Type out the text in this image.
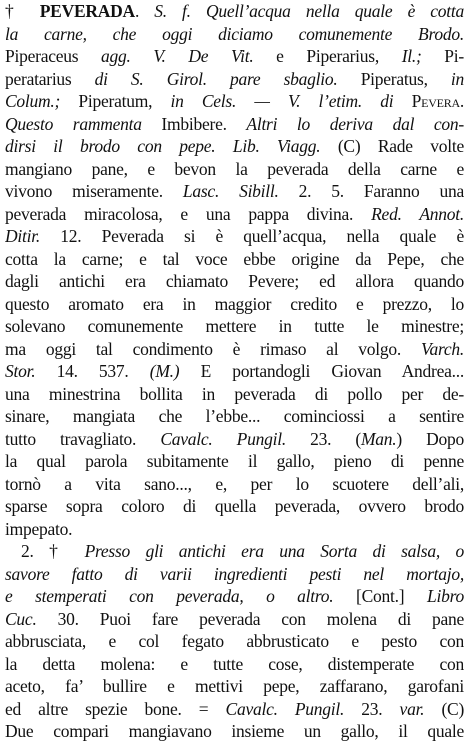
† PEVERADA. S. f. Quell’acqua nella quale è cotta
la carne, che oggi diciamo comunemente Brodo.
Piperaceus agg. V. De Vit. e Piperarius, Il.; Pi-
peratarius di S. Girol. pare sbaglio. Piperatus, in
Colum.; Piperatum, in Cels. — V. l’etim. di Pevera.
Questo rammenta Imbibere. Altri lo deriva dal con-
dirsi il brodo con pepe. Lib. Viagg. (C) Rade volte
mangiano pane, e bevon la peverada della carne e
vivono miseramente. Lasc. Sibill. 2. 5. Faranno una
peverada miracolosa, e una pappa divina. Red. Annot.
Ditir. 12. Peverada si è quell’acqua, nella quale è
cotta la carne; e tal voce ebbe origine da Pepe, che
dagli antichi era chiamato Pevere; ed allora quando
questo aromato era in maggior credito e prezzo, lo
solevano comunemente mettere in tutte le minestre;
ma oggi tal condimento è rimaso al volgo. Varch.
Stor. 14. 537. (M.) E portandogli Giovan Andrea...
una minestrina bollita in peverada di pollo per de-
sinare, mangiata che l’ebbe... cominciossi a sentire
tutto travagliato. Cavalc. Pungil. 23. (Man.) Dopo
la qual parola subitamente il gallo, pieno di penne
tornò a vita sano..., e, per lo scuotere dell’ali,
sparse sopra coloro di quella peverada, ovvero brodo
impepato.
2. † Presso gli antichi era una Sorta di salsa, o
savore fatto di varii ingredienti pesti nel mortajo,
e stemperati con peverada, o altro. [Cont.] Libro
Cuc. 30. Puoi fare peverada con molena di pane
abbrusciata, e col fegato abbrusticato e pesto con
la detta molena: e tutte cose, distemperate con
aceto, fa’ bullire e mettivi pepe, zaffarano, garofani
ed altre spezie bone. = Cavalc. Pungil. 23. var. (C)
Due compari mangiavano insieme un gallo, il quale
